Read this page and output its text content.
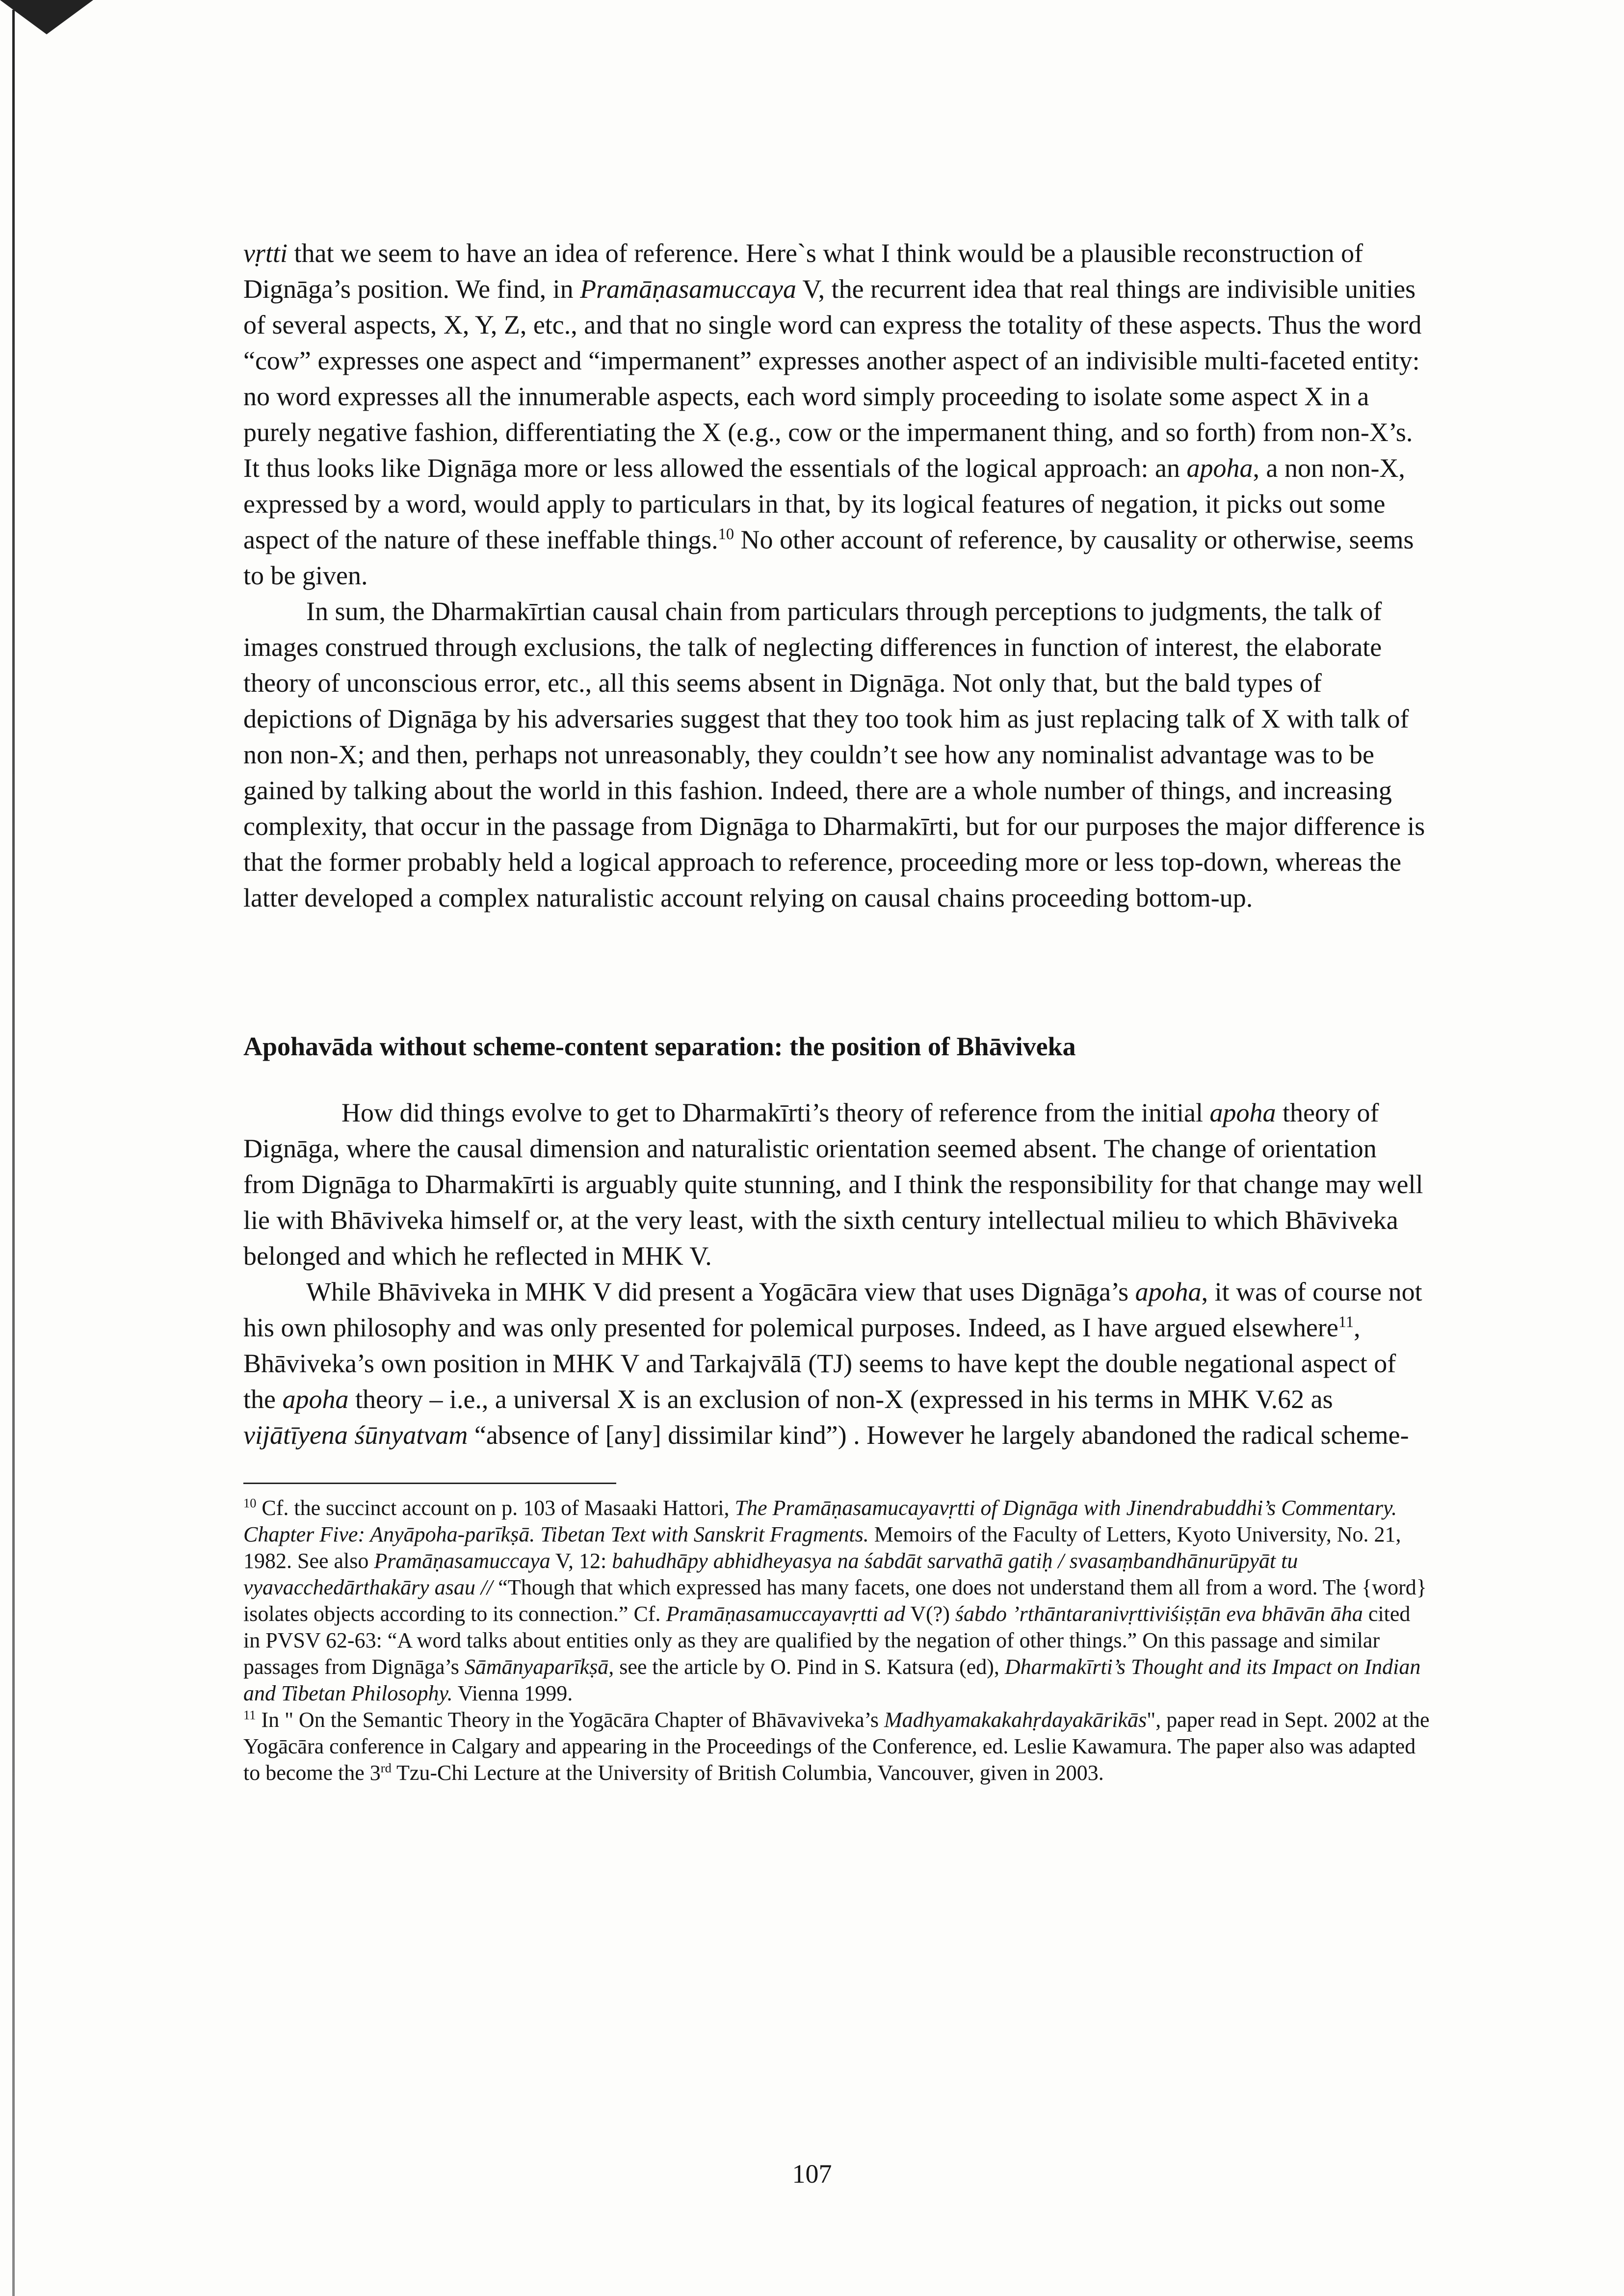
vṛtti that we seem to have an idea of reference. Here`s what I think would be a plausible reconstruction of Dignāga’s position. We find, in Pramāṇasamuccaya V, the recurrent idea that real things are indivisible unities of several aspects, X, Y, Z, etc., and that no single word can express the totality of these aspects. Thus the word “cow” expresses one aspect and “impermanent” expresses another aspect of an indivisible multi-faceted entity: no word expresses all the innumerable aspects, each word simply proceeding to isolate some aspect X in a purely negative fashion, differentiating the X (e.g., cow or the impermanent thing, and so forth) from non-X’s. It thus looks like Dignāga more or less allowed the essentials of the logical approach: an apoha, a non non-X, expressed by a word, would apply to particulars in that, by its logical features of negation, it picks out some aspect of the nature of these ineffable things.$^{10}$ No other account of reference, by causality or otherwise, seems to be given.

In sum, the Dharmakīrtian causal chain from particulars through perceptions to judgments, the talk of images construed through exclusions, the talk of neglecting differences in function of interest, the elaborate theory of unconscious error, etc., all this seems absent in Dignāga. Not only that, but the bald types of depictions of Dignāga by his adversaries suggest that they too took him as just replacing talk of X with talk of non non-X; and then, perhaps not unreasonably, they couldn’t see how any nominalist advantage was to be gained by talking about the world in this fashion. Indeed, there are a whole number of things, and increasing complexity, that occur in the passage from Dignāga to Dharmakīrti, but for our purposes the major difference is that the former probably held a logical approach to reference, proceeding more or less top-down, whereas the latter developed a complex naturalistic account relying on causal chains proceeding bottom-up.

Apohavāda without scheme-content separation: the position of Bhāviveka

How did things evolve to get to Dharmakīrti’s theory of reference from the initial apoha theory of Dignāga, where the causal dimension and naturalistic orientation seemed absent. The change of orientation from Dignāga to Dharmakīrti is arguably quite stunning, and I think the responsibility for that change may well lie with Bhāviveka himself or, at the very least, with the sixth century intellectual milieu to which Bhāviveka belonged and which he reflected in MHK V.

While Bhāviveka in MHK V did present a Yogācāra view that uses Dignāga’s apoha, it was of course not his own philosophy and was only presented for polemical purposes. Indeed, as I have argued elsewhere$^{11}$, Bhāviveka’s own position in MHK V and Tarkajvālā (TJ) seems to have kept the double negational aspect of the apoha theory – i.e., a universal X is an exclusion of non-X (expressed in his terms in MHK V.62 as vijātīyena śūnyatvam “absence of [any] dissimilar kind”) . However he largely abandoned the radical scheme-

$^{10}$ Cf. the succinct account on p. 103 of Masaaki Hattori, The Pramāṇasamucayavṛtti of Dignāga with Jinendrabuddhi’s Commentary. Chapter Five: Anyāpoha-parīkṣā. Tibetan Text with Sanskrit Fragments. Memoirs of the Faculty of Letters, Kyoto University, No. 21, 1982. See also Pramāṇasamuccaya V, 12: bahudhāpy abhidheyasya na śabdāt sarvathā gatiḥ / svasaṃbandhānurūpyāt tu vyavacchedārthakāry asau // “Though that which expressed has many facets, one does not understand them all from a word. The {word} isolates objects according to its connection.” Cf. Pramāṇasamuccayavṛtti ad V(?) śabdo ’rthāntaranivṛttiviśiṣṭān eva bhāvān āha cited in PVSV 62-63: “A word talks about entities only as they are qualified by the negation of other things.” On this passage and similar passages from Dignāga’s Sāmānyaparīkṣā, see the article by O. Pind in S. Katsura (ed), Dharmakīrti’s Thought and its Impact on Indian and Tibetan Philosophy. Vienna 1999.

$^{11}$ In " On the Semantic Theory in the Yogācāra Chapter of Bhāvaviveka’s Madhyamakakahṛdayakārikās", paper read in Sept. 2002 at the Yogācāra conference in Calgary and appearing in the Proceedings of the Conference, ed. Leslie Kawamura. The paper also was adapted to become the 3rd Tzu-Chi Lecture at the University of British Columbia, Vancouver, given in 2003.

107
